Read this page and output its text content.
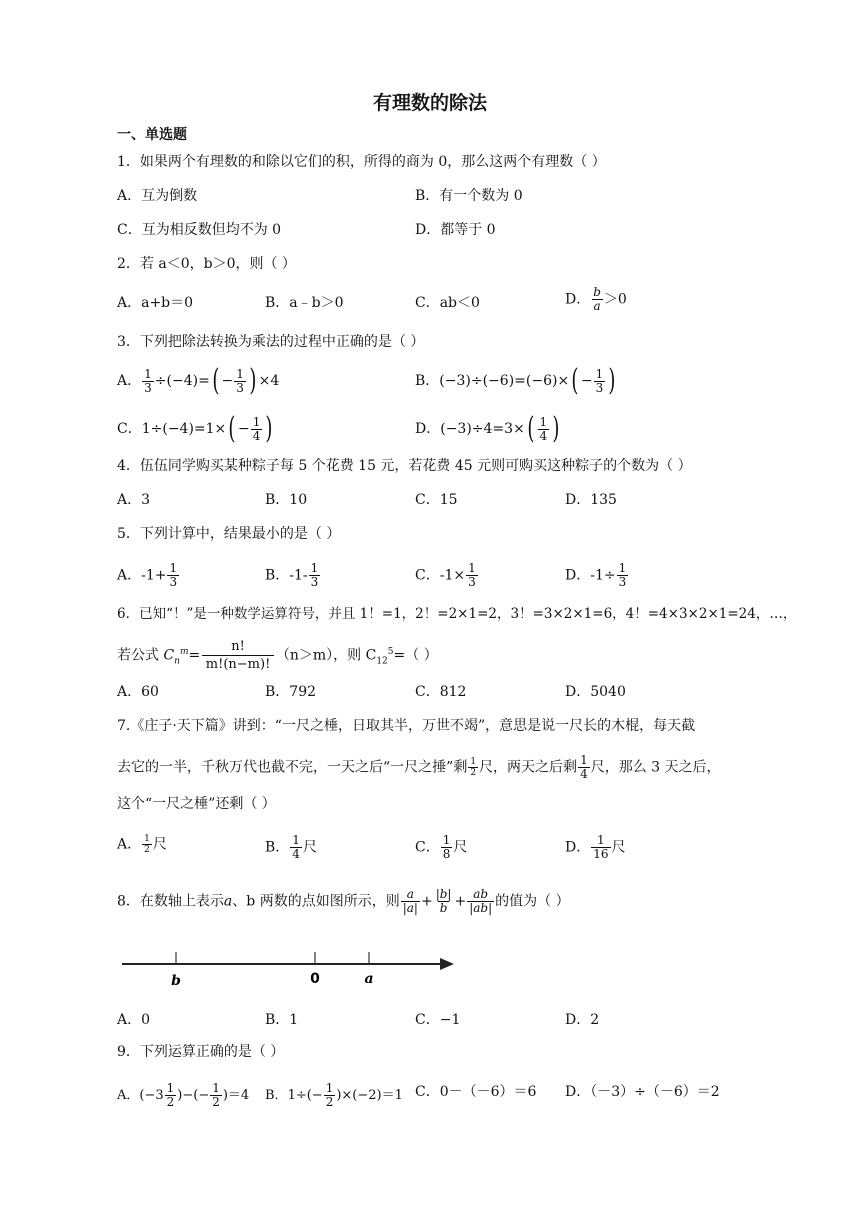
有理数的除法
一、单选题
1．如果两个有理数的和除以它们的积，所得的商为 0，那么这两个有理数（ ）
A．互为倒数	B．有一个数为 0
C．互为相反数但均不为 0	D．都等于 0
2．若 a＜0，b＞0，则（ ）
A．a+b＝0	B．a﹣b＞0	C．ab＜0	D． $\frac{b}{a} >0$
3．下列把除法转换为乘法的过程中正确的是（ ）
A． $\frac{1}{3} \div(-4)=( - \frac{1}{3}$ ) ×4	B．$(-3)\div(-6)=(-6)\times( - \frac{1}{3}$ )
C．$1\div(-4)=1\times( - \frac{1}{4}$ )	D．$(-3)\div 4=3\times( \frac{1}{4}$ )
4．伍伍同学购买某种粽子每 5 个花费 15 元，若花费 45 元则可购买这种粽子的个数为（ ）
A．3	B．10	C．15	D．135
5．下列计算中，结果最小的是（ ）
A．$-1+ \frac{1}{3}$	B．$-1- \frac{1}{3}$	C．$-1\times \frac{1}{3}$	D．$-1\div \frac{1}{3}$
6．已知“！”是一种数学运算符号，并且 1！=1，2！=2×1=2，3！=3×2×1=6，4！=4×3×2×1=24，…，
若公式 $C_n^m= \frac{n!}{m!(n-m)!} (n>m)$，则 $C_{12}^5=$（ ）
A．60	B．792	C．812	D．5040
7.《庄子·天下篇》讲到：“一尺之棰，日取其半，万世不竭”，意思是说一尺长的木棍，每天截
去它的一半，千秋万代也截不完，一天之后“一尺之捶”剩 $\frac{1}{2}$ 尺，两天之后剩 $\frac{1}{4}$ 尺，那么 3 天之后，
这个“一尺之棰”还剩（ ）
A． $\frac{1}{2}$ 尺	B． $\frac{1}{4}$ 尺	C． $\frac{1}{8}$ 尺	D． $\frac{1}{16}$ 尺
8．在数轴上表示a、b 两数的点如图所示，则 $\frac{a}{|a|} + \frac{|b|}{b} + \frac{ab}{|ab|}$ 的值为（ ）
b	0	a
A．0	B．1	C．−1	D．2
9．下列运算正确的是（ ）
A．($-3 \frac{1}{2}$ )−(− $\frac{1}{2} )=4$ B．$1\div(- \frac{1}{2} )\times(-2)=1$ C．0－（－6）＝6 D．（－3）÷（－6）＝2
